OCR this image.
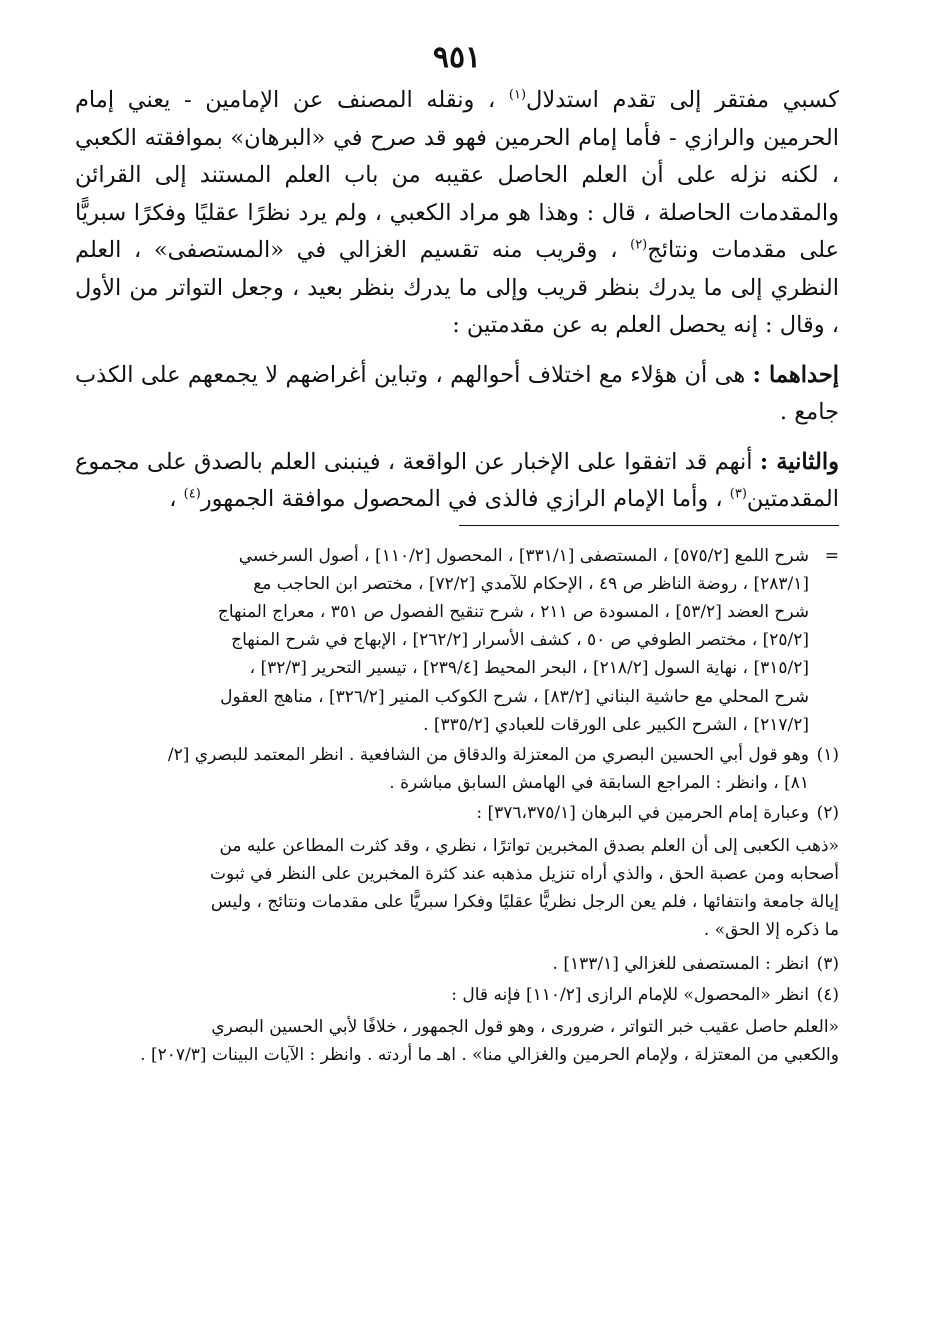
٩٥١

كسبي مفتقر إلى تقدم استدلال$^{(١)}$ ، ونقله المصنف عن الإمامين - يعني إمام الحرمين والرازي - فأما إمام الحرمين فهو قد صرح في «البرهان» بموافقته الكعبي ، لكنه نزله على أن العلم الحاصل عقيبه من باب العلم المستند إلى القرائن والمقدمات الحاصلة ، قال : وهذا هو مراد الكعبي ، ولم يرد نظرًا عقليًا وفكرًا سبريًّا على مقدمات ونتائج$^{(٢)}$ ، وقريب منه تقسيم الغزالي في «المستصفى» ، العلم النظري إلى ما يدرك بنظر قريب وإلى ما يدرك بنظر بعيد ، وجعل التواتر من الأول ، وقال : إنه يحصل العلم به عن مقدمتين :

إحداهما : هى أن هؤلاء مع اختلاف أحوالهم ، وتباين أغراضهم لا يجمعهم على الكذب جامع .

والثانية : أنهم قد اتفقوا على الإخبار عن الواقعة ، فينبنى العلم بالصدق على مجموع المقدمتين$^{(٣)}$ ، وأما الإمام الرازي فالذى في المحصول موافقة الجمهور$^{(٤)}$ ،

=
شرح اللمع [٥٧٥/٢] ، المستصفى [٣٣١/١] ، المحصول [١١٠/٢] ، أصول السرخسي
[٢٨٣/١] ، روضة الناظر ص ٤٩ ، الإحكام للآمدي [٧٢/٢] ، مختصر ابن الحاجب مع
شرح العضد [٥٣/٢] ، المسودة ص ٢١١ ، شرح تنقيح الفصول ص ٣٥١ ، معراج المنهاج
[٢٥/٢] ، مختصر الطوفي ص ٥٠ ، كشف الأسرار [٢٦٢/٢] ، الإبهاج في شرح المنهاج
[٣١٥/٢] ، نهاية السول [٢١٨/٢] ، البحر المحيط [٢٣٩/٤] ، تيسير التحرير [٣٢/٣] ،
شرح المحلي مع حاشية البناني [٨٣/٢] ، شرح الكوكب المنير [٣٢٦/٢] ، مناهج العقول
[٢١٧/٢] ، الشرح الكبير على الورقات للعبادي [٣٣٥/٢] .
(١)
وهو قول أبي الحسين البصري من المعتزلة والدقاق من الشافعية . انظر المعتمد للبصري [٢/
٨١] ، وانظر : المراجع السابقة في الهامش السابق مباشرة .
(٢)
وعبارة إمام الحرمين في البرهان [٣٧٦،٣٧٥/١] :
«ذهب الكعبى إلى أن العلم بصدق المخبرين تواترًا ، نظري ، وقد كثرت المطاعن عليه من
أصحابه ومن عصبة الحق ، والذي أراه تنزيل مذهبه عند كثرة المخبرين على النظر في ثبوت
إيالة جامعة وانتفائها ، فلم يعن الرجل نظريًّا عقليًا وفكرا سبريًّا على مقدمات ونتائج ، وليس
ما ذكره إلا الحق» .
(٣)
انظر : المستصفى للغزالي [١٣٣/١] .
(٤)
انظر «المحصول» للإمام الرازى [١١٠/٢] فإنه قال :
«العلم حاصل عقيب خبر التواتر ، ضرورى ، وهو قول الجمهور ، خلافًا لأبي الحسين البصري
والكعبي من المعتزلة ، ولإمام الحرمين والغزالي منا» . اهـ ما أردته . وانظر : الآيات البينات [٢٠٧/٣] .
